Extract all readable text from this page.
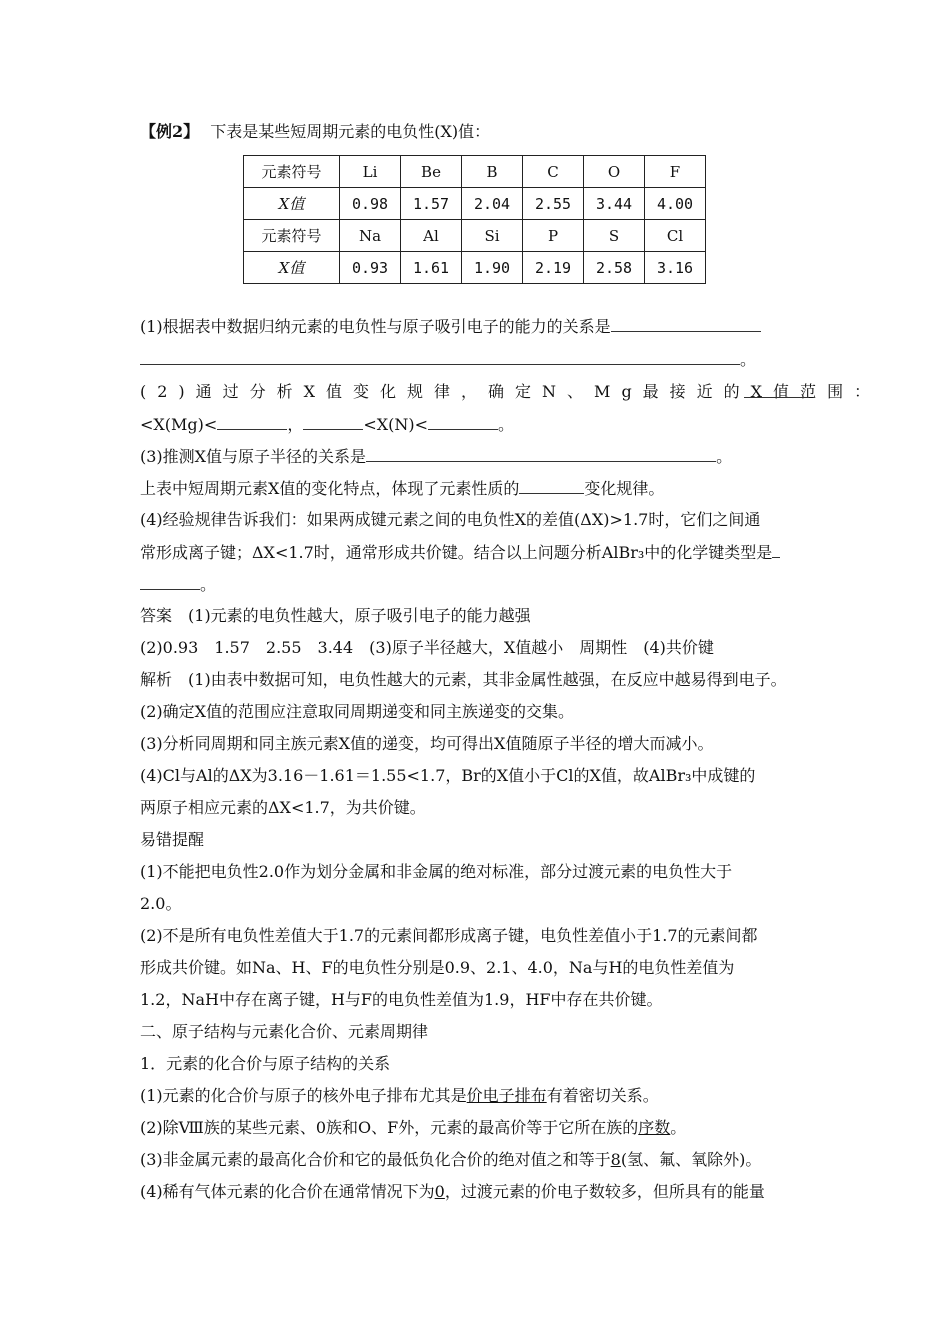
【例2】 下表是某些短周期元素的电负性(X)值：
元素符号	Li	Be	B	C	O	F
X值	0.98	1.57	2.04	2.55	3.44	4.00
元素符号	Na	Al	Si	P	S	Cl
X值	0.93	1.61	1.90	2.19	2.58	3.16
(1)根据表中数据归纳元素的电负性与原子吸引电子的能力的关系是
。
(2)通过分析X值变化规律，确定N、Mg最接近的X值范围：
<X(Mg)<	，	<X(N)<	。
(3)推测X值与原子半径的关系是	。
上表中短周期元素X值的变化特点，体现了元素性质的	变化规律。
(4)经验规律告诉我们：如果两成键元素之间的电负性X的差值(ΔX)>1.7时，它们之间通
常形成离子键；ΔX<1.7时，通常形成共价键。结合以上问题分析AlBr₃中的化学键类型是
。
答案 (1)元素的电负性越大，原子吸引电子的能力越强
(2)0.93　1.57　2.55　3.44　(3)原子半径越大，X值越小　周期性　(4)共价键
解析 (1)由表中数据可知，电负性越大的元素，其非金属性越强，在反应中越易得到电子。
(2)确定X值的范围应注意取同周期递变和同主族递变的交集。
(3)分析同周期和同主族元素X值的递变，均可得出X值随原子半径的增大而减小。
(4)Cl与Al的ΔX为3.16－1.61＝1.55<1.7，Br的X值小于Cl的X值，故AlBr₃中成键的
两原子相应元素的ΔX<1.7，为共价键。
易错提醒
(1)不能把电负性2.0作为划分金属和非金属的绝对标准，部分过渡元素的电负性大于
2.0。
(2)不是所有电负性差值大于1.7的元素间都形成离子键，电负性差值小于1.7的元素间都
形成共价键。如Na、H、F的电负性分别是0.9、2.1、4.0，Na与H的电负性差值为
1.2，NaH中存在离子键，H与F的电负性差值为1.9，HF中存在共价键。
二、原子结构与元素化合价、元素周期律
1．元素的化合价与原子结构的关系
(1)元素的化合价与原子的核外电子排布尤其是价电子排布有着密切关系。
(2)除Ⅷ族的某些元素、0族和O、F外，元素的最高价等于它所在族的序数。
(3)非金属元素的最高化合价和它的最低负化合价的绝对值之和等于8(氢、氟、氧除外)。
(4)稀有气体元素的化合价在通常情况下为0，过渡元素的价电子数较多，但所具有的能量
